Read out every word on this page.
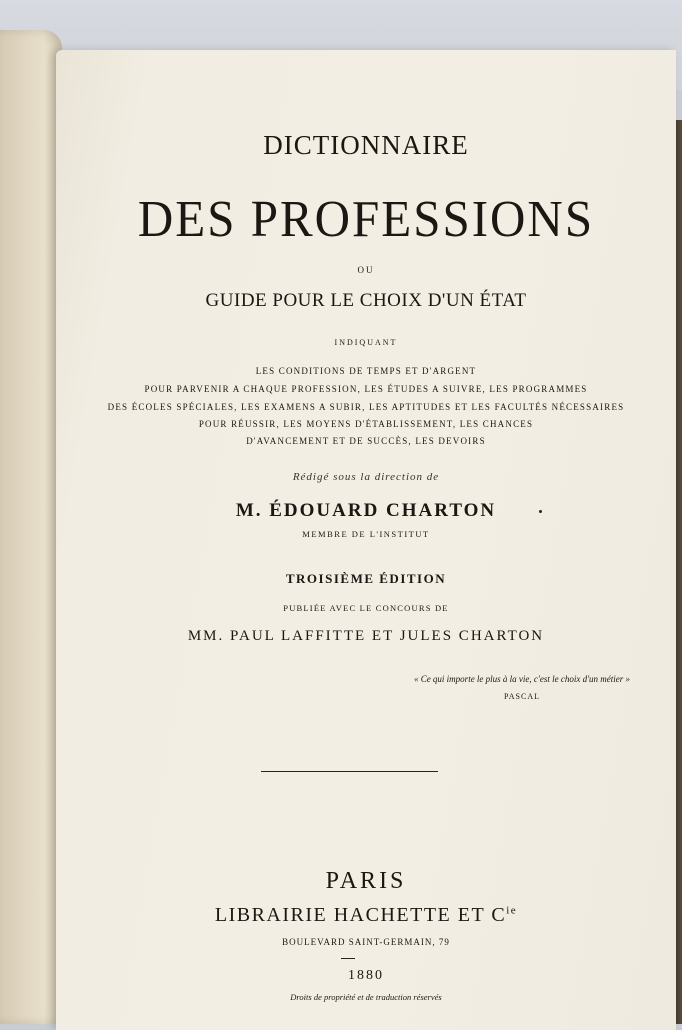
DICTIONNAIRE
DES PROFESSIONS
OU
GUIDE POUR LE CHOIX D'UN ÉTAT
INDIQUANT
LES CONDITIONS DE TEMPS ET D'ARGENT
POUR PARVENIR A CHAQUE PROFESSION, LES ÉTUDES A SUIVRE, LES PROGRAMMES
DES ÉCOLES SPÉCIALES, LES EXAMENS A SUBIR, LES APTITUDES ET LES FACULTÉS NÉCESSAIRES
POUR RÉUSSIR, LES MOYENS D'ÉTABLISSEMENT, LES CHANCES
D'AVANCEMENT ET DE SUCCÈS, LES DEVOIRS
Rédigé sous la direction de
M. ÉDOUARD CHARTON
MEMBRE DE L'INSTITUT
TROISIÈME ÉDITION
PUBLIÉE AVEC LE CONCOURS DE
MM. PAUL LAFFITTE ET JULES CHARTON
« Ce qui importe le plus à la vie, c'est le choix d'un métier »
PASCAL
PARIS
LIBRAIRIE HACHETTE ET $C^{ie}$
BOULEVARD SAINT-GERMAIN, 79
1880
Droits de propriété et de traduction réservés
